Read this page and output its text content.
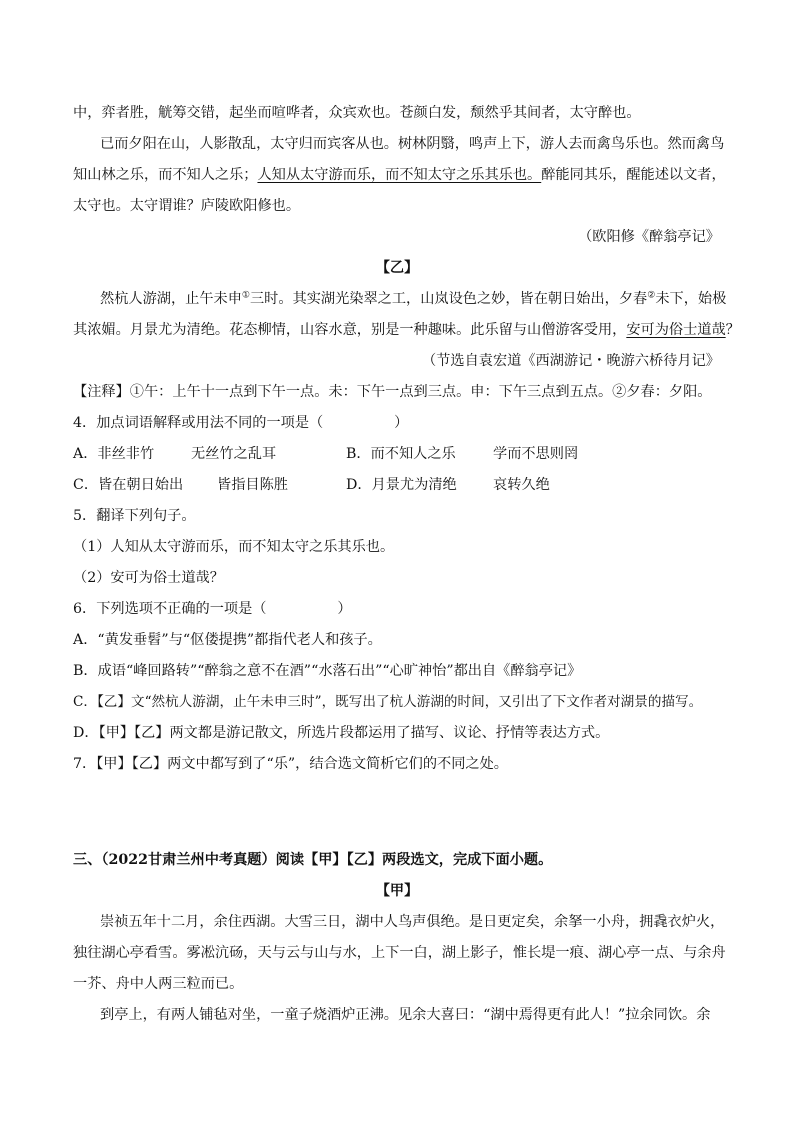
中，弈者胜，觥筹交错，起坐而喧哗者，众宾欢也。苍颜白发，颓然乎其间者，太守醉也。
已而夕阳在山，人影散乱，太守归而宾客从也。树林阴翳，鸣声上下，游人去而禽鸟乐也。然而禽鸟
知山林之乐，而不知人之乐；人知从太守游而乐，而不知太守之乐其乐也。醉能同其乐，醒能述以文者，
太守也。太守谓谁？庐陵欧阳修也。
（欧阳修《醉翁亭记》
【乙】
然杭人游湖，止午未申①三时。其实湖光染翠之工，山岚设色之妙，皆在朝日始出，夕春②未下，始极
其浓媚。月景尤为清绝。花态柳情，山容水意，别是一种趣味。此乐留与山僧游客受用，安可为俗士道哉？
（节选自袁宏道《西湖游记・晚游六桥待月记》
【注释】①午：上午十一点到下午一点。未：下午一点到三点。申：下午三点到五点。②夕春：夕阳。
4．加点词语解释或用法不同的一项是（　　　　　）
A．非丝非竹	无丝竹之乱耳	B．而不知人之乐	学而不思则罔
C．皆在朝日始出 皆指目陈胜	D．月景尤为清绝	哀转久绝
5．翻译下列句子。
（1）人知从太守游而乐，而不知太守之乐其乐也。
（2）安可为俗士道哉？
6．下列选项不正确的一项是（　　　　　）
A．“黄发垂髫”与“伛偻提携”都指代老人和孩子。
B．成语“峰回路转”“醉翁之意不在酒”“水落石出”“心旷神怡”都出自《醉翁亭记》
C．【乙】文“然杭人游湖，止午未申三时”，既写出了杭人游湖的时间，又引出了下文作者对湖景的描写。
D．【甲】【乙】两文都是游记散文，所选片段都运用了描写、议论、抒情等表达方式。
7．【甲】【乙】两文中都写到了“乐”，结合选文简析它们的不同之处。
三、（2022甘肃兰州中考真题）阅读【甲】【乙】两段选文，完成下面小题。
【甲】
崇祯五年十二月，余住西湖。大雪三日，湖中人鸟声俱绝。是日更定矣，余拏一小舟，拥毳衣炉火，
独往湖心亭看雪。雾凇沆砀，天与云与山与水，上下一白，湖上影子，惟长堤一痕、湖心亭一点、与余舟
一芥、舟中人两三粒而已。
到亭上，有两人铺毡对坐，一童子烧酒炉正沸。见余大喜曰：“湖中焉得更有此人！”拉余同饮。余
